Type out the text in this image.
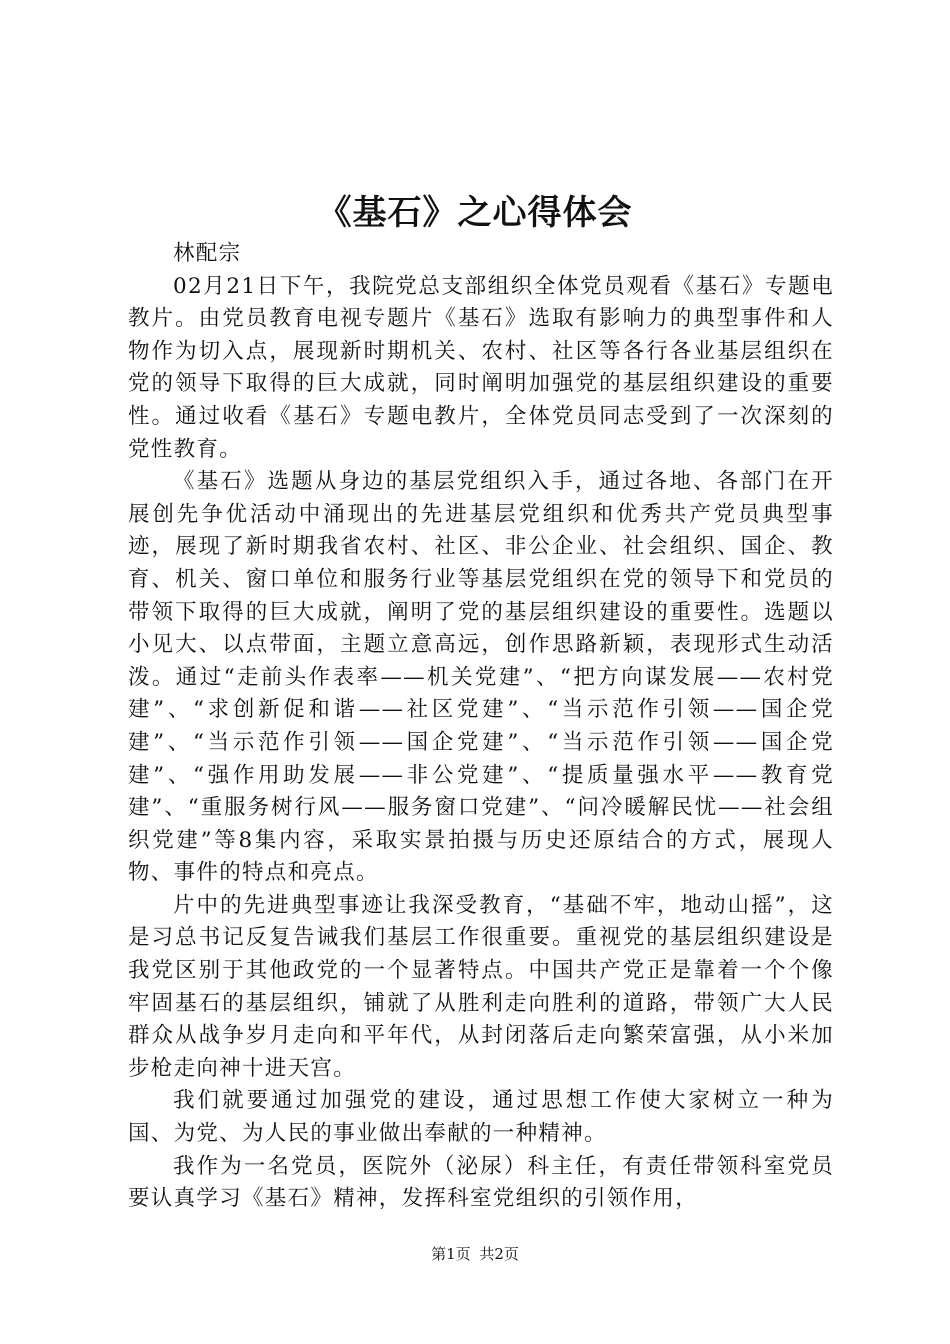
《基石》之心得体会

林配宗

02月21日下午，我院党总支部组织全体党员观看《基石》专题电教片。由党员教育电视专题片《基石》选取有影响力的典型事件和人物作为切入点，展现新时期机关、农村、社区等各行各业基层组织在党的领导下取得的巨大成就，同时阐明加强党的基层组织建设的重要性。通过收看《基石》专题电教片，全体党员同志受到了一次深刻的党性教育。

《基石》选题从身边的基层党组织入手，通过各地、各部门在开展创先争优活动中涌现出的先进基层党组织和优秀共产党员典型事迹，展现了新时期我省农村、社区、非公企业、社会组织、国企、教育、机关、窗口单位和服务行业等基层党组织在党的领导下和党员的带领下取得的巨大成就，阐明了党的基层组织建设的重要性。选题以小见大、以点带面，主题立意高远，创作思路新颖，表现形式生动活泼。通过“走前头作表率——机关党建”、“把方向谋发展——农村党建”、“求创新促和谐——社区党建”、“当示范作引领——国企党建”、“当示范作引领——国企党建”、“当示范作引领——国企党建”、“强作用助发展——非公党建”、“提质量强水平——教育党建”、“重服务树行风——服务窗口党建”、“问冷暖解民忧——社会组织党建”等8集内容，采取实景拍摄与历史还原结合的方式，展现人物、事件的特点和亮点。

片中的先进典型事迹让我深受教育，“基础不牢，地动山摇”，这是习总书记反复告诫我们基层工作很重要。重视党的基层组织建设是我党区别于其他政党的一个显著特点。中国共产党正是靠着一个个像牢固基石的基层组织，铺就了从胜利走向胜利的道路，带领广大人民群众从战争岁月走向和平年代，从封闭落后走向繁荣富强，从小米加步枪走向神十进天宫。

我们就要通过加强党的建设，通过思想工作使大家树立一种为国、为党、为人民的事业做出奉献的一种精神。

我作为一名党员，医院外（泌尿）科主任，有责任带领科室党员要认真学习《基石》精神，发挥科室党组织的引领作用，

第1页 共2页
